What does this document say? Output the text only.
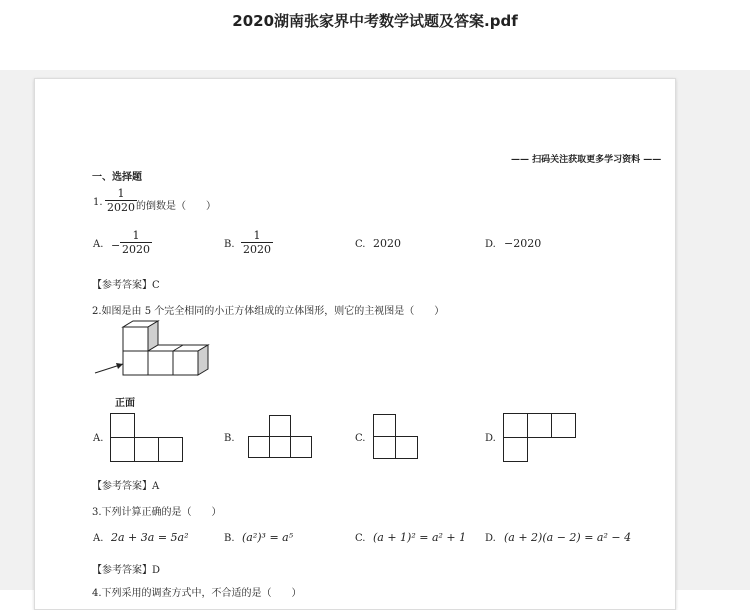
2020湖南张家界中考数学试题及答案.pdf
—— 扫码关注获取更多学习资料 ——
一、选择题
1. $\frac{1}{2020}$ 的倒数是（　　）
A. − $\frac{1}{2020}$	B. $\frac{1}{2020}$	C. 2020	D. −2020
【参考答案】C
2.如图是由 5 个完全相同的小正方体组成的立体图形，则它的主视图是（　　）
正面
A.	B.	C.	D.
【参考答案】A
3.下列计算正确的是（　　）
A. 2a + 3a = 5a²	B. (a²)³ = a⁵	C. (a + 1)² = a² + 1 D. (a + 2)(a − 2) = a² − 4
【参考答案】D
4.下列采用的调查方式中，不合适的是（　　）
